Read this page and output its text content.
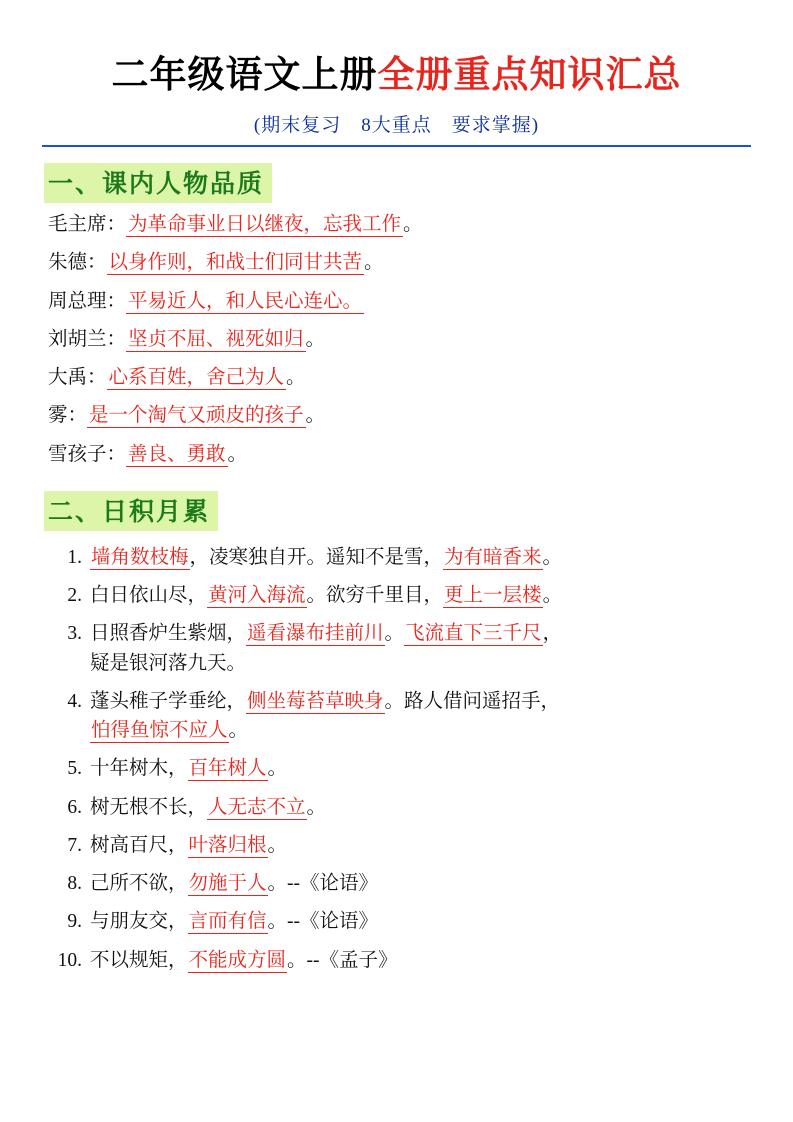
二年级语文上册 全册重点知识汇总
(期末复习　8大重点　要求掌握)
一、课内人物品质
毛主席： 为革命事业日以继夜，忘我工作 。
朱德： 以身作则，和战士们同甘共苦 。
周总理： 平易近人，和人民心连心。
刘胡兰： 坚贞不屈、视死如归 。
大禹： 心系百姓，舍己为人 。
雾： 是一个淘气又顽皮的孩子 。
雪孩子： 善良、勇敢 。
二、日积月累
1. 墙角数枝梅，凌寒独自开。遥知不是雪，为有暗香来。
2. 白日依山尽，黄河入海流。欲穷千里目，更上一层楼。
3. 日照香炉生紫烟，遥看瀑布挂前川。飞流直下三千尺，
疑是银河落九天。
4. 蓬头稚子学垂纶，侧坐莓苔草映身。路人借问遥招手，
怕得鱼惊不应人。
5. 十年树木，百年树人。
6. 树无根不长，人无志不立。
7. 树高百尺，叶落归根。
8. 己所不欲，勿施于人。--《论语》
9. 与朋友交，言而有信。--《论语》
10. 不以规矩，不能成方圆。--《孟子》
